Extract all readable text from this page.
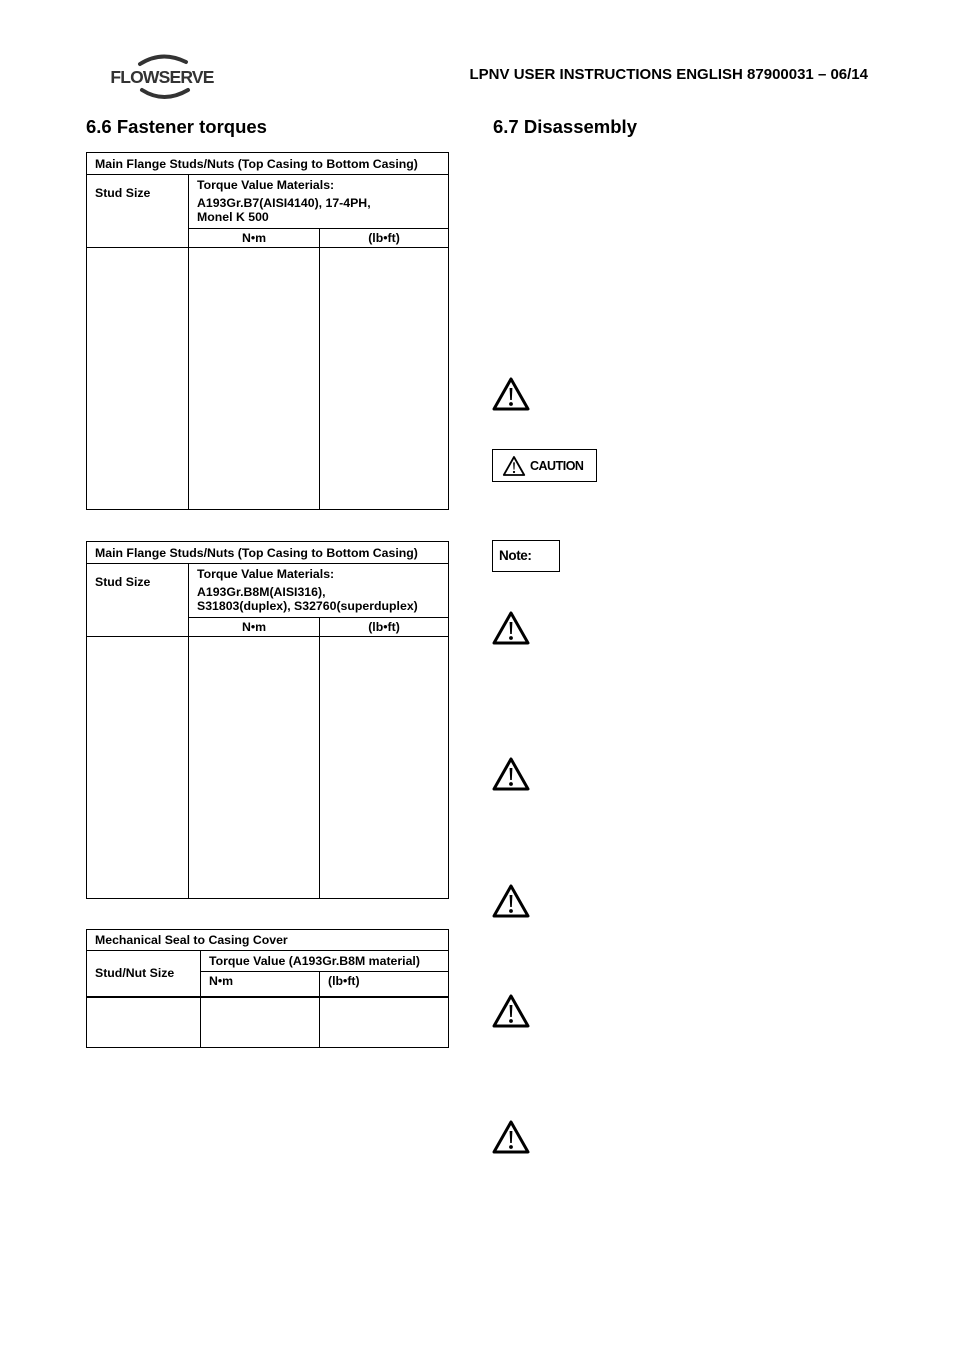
FLOWSERVE	LPNV USER INSTRUCTIONS ENGLISH 87900031 – 06/14
6.6 Fastener torques	6.7 Disassembly
Main Flange Studs/Nuts (Top Casing to Bottom Casing)		

Stud Size	Torque Value Materials:
A193Gr.B7(AISI4140), 17-4PH,
Monel K 500	

	N•m	(lb•ft)

Main Flange Studs/Nuts (Top Casing to Bottom Casing)		

Stud Size	Torque Value Materials:
A193Gr.B8M(AISI316),
S31803(duplex), S32760(superduplex)	

	N•m	(lb•ft)

Mechanical Seal to Casing Cover		
Stud/Nut Size	Torque Value (A193Gr.B8M material)	

	N•m	(lb•ft)

CAUTION
Note:
